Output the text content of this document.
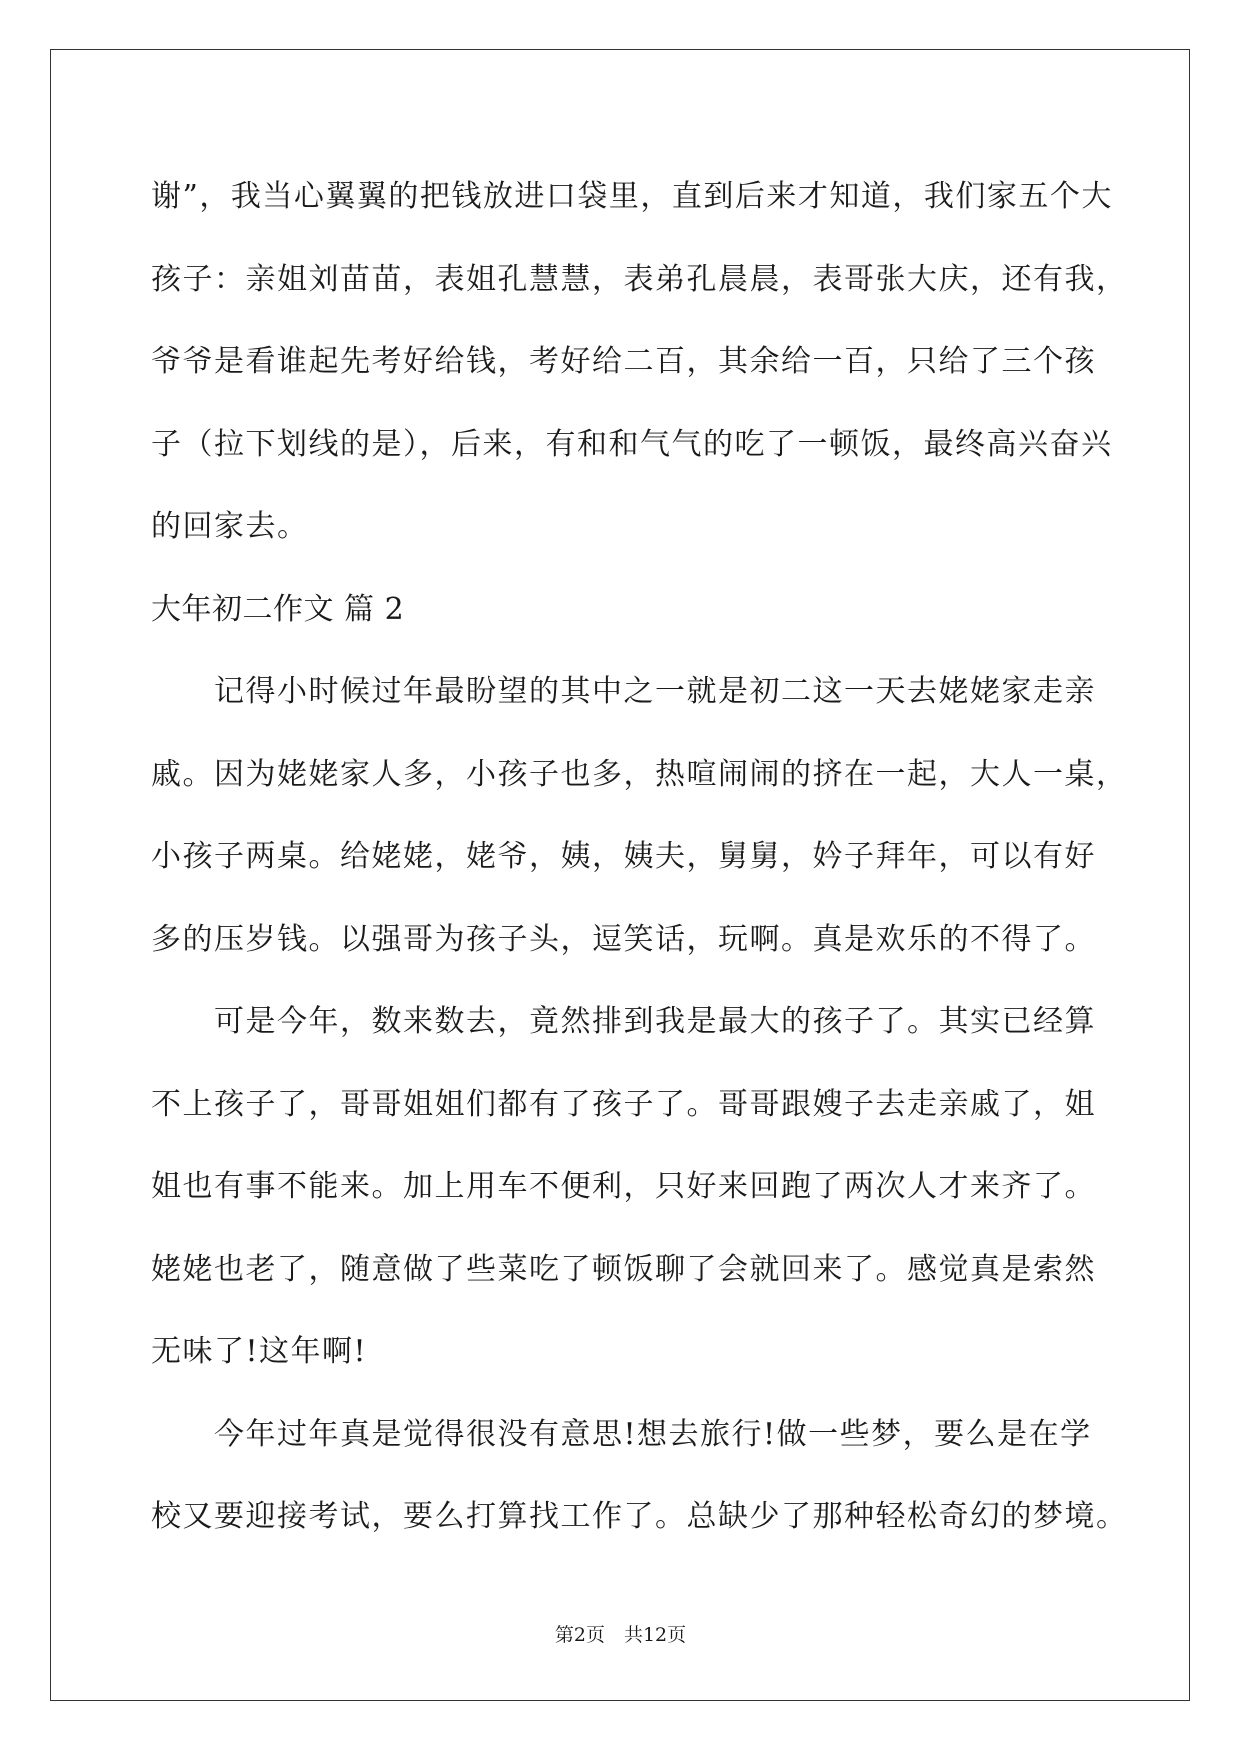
谢”，我当心翼翼的把钱放进口袋里，直到后来才知道，我们家五个大
孩子：亲姐刘苗苗，表姐孔慧慧，表弟孔晨晨，表哥张大庆，还有我，
爷爷是看谁起先考好给钱，考好给二百，其余给一百，只给了三个孩
子（拉下划线的是），后来，有和和气气的吃了一顿饭，最终高兴奋兴
的回家去。
大年初二作文 篇 2
　　记得小时候过年最盼望的其中之一就是初二这一天去姥姥家走亲
戚。因为姥姥家人多，小孩子也多，热喧闹闹的挤在一起，大人一桌，
小孩子两桌。给姥姥，姥爷，姨，姨夫，舅舅，妗子拜年，可以有好
多的压岁钱。以强哥为孩子头，逗笑话，玩啊。真是欢乐的不得了。
　　可是今年，数来数去，竟然排到我是最大的孩子了。其实已经算
不上孩子了，哥哥姐姐们都有了孩子了。哥哥跟嫂子去走亲戚了，姐
姐也有事不能来。加上用车不便利，只好来回跑了两次人才来齐了。
姥姥也老了，随意做了些菜吃了顿饭聊了会就回来了。感觉真是索然
无味了!这年啊!
　　今年过年真是觉得很没有意思!想去旅行!做一些梦，要么是在学
校又要迎接考试，要么打算找工作了。总缺少了那种轻松奇幻的梦境。
第2页　共12页
